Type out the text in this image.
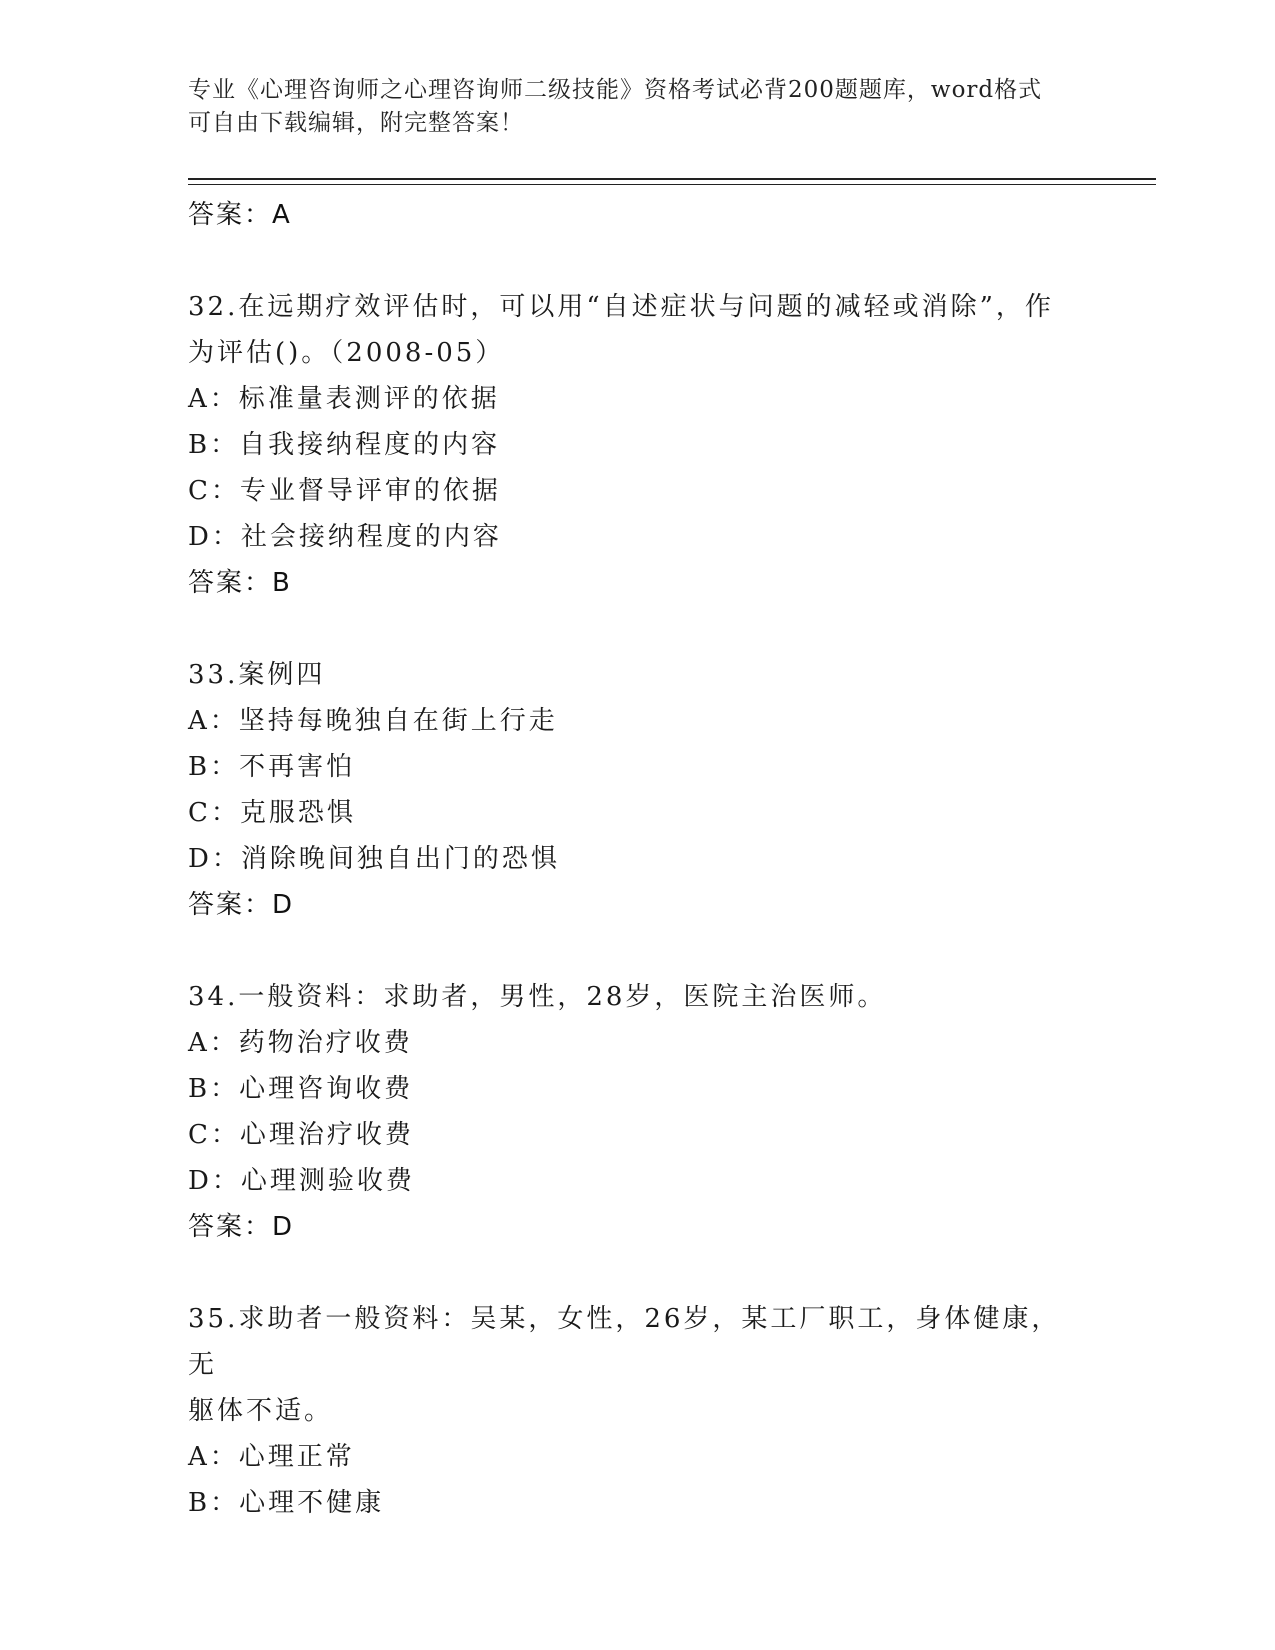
专业《心理咨询师之心理咨询师二级技能》资格考试必背200题题库，word格式
可自由下载编辑，附完整答案！
答案：A
32.在远期疗效评估时，可以用“自述症状与问题的减轻或消除”，作
为评估()。（2008-05）
A：标准量表测评的依据
B：自我接纳程度的内容
C：专业督导评审的依据
D：社会接纳程度的内容
答案：B
33.案例四
A：坚持每晚独自在街上行走
B：不再害怕
C：克服恐惧
D：消除晚间独自出门的恐惧
答案：D
34.一般资料：求助者，男性，28岁，医院主治医师。
A：药物治疗收费
B：心理咨询收费
C：心理治疗收费
D：心理测验收费
答案：D
35.求助者一般资料：吴某，女性，26岁，某工厂职工，身体健康，无
躯体不适。
A：心理正常
B：心理不健康
